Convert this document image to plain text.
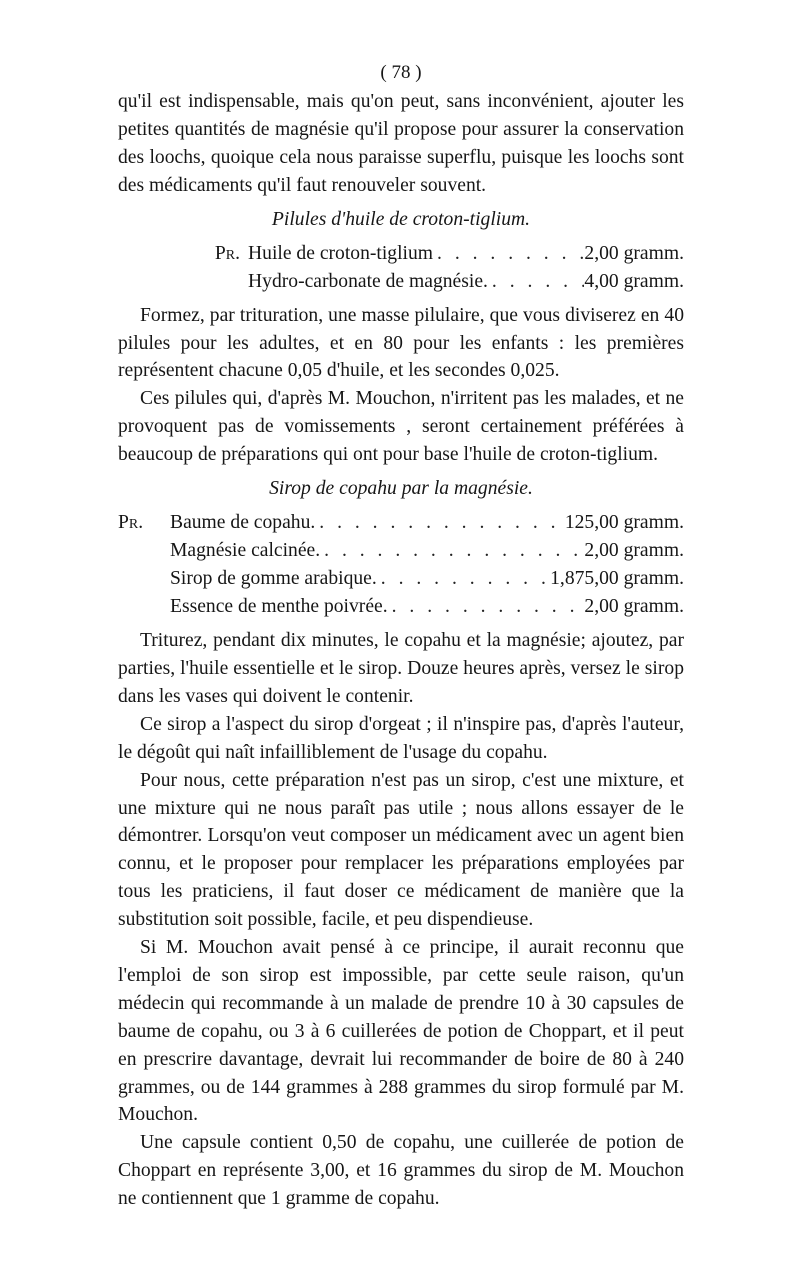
( 78 )

qu'il est indispensable, mais qu'on peut, sans inconvénient, ajouter les petites quantités de magnésie qu'il propose pour assurer la conservation des loochs, quoique cela nous paraisse superflu, puisque les loochs sont des médicaments qu'il faut renouveler souvent.

Pilules d'huile de croton-tiglium.
Pr. Huile de croton-tiglium . . .	2,00 gramm.
Hydro-carbonate de magnésie. . . .	4,00 gramm.

Formez, par trituration, une masse pilulaire, que vous diviserez en 40 pilules pour les adultes, et en 80 pour les enfants : les premières représentent chacune 0,05 d'huile, et les secondes 0,025.

Ces pilules qui, d'après M. Mouchon, n'irritent pas les malades, et ne provoquent pas de vomissements , seront certainement préférées à beaucoup de préparations qui ont pour base l'huile de croton-tiglium.

Sirop de copahu par la magnésie.
Pr.	Baume de copahu. . . .	125,00 gramm.
Magnésie calcinée. . . .	2,00 gramm.
Sirop de gomme arabique. . . .	1,875,00 gramm.
Essence de menthe poivrée. . . .	2,00 gramm.

Triturez, pendant dix minutes, le copahu et la magnésie; ajoutez, par parties, l'huile essentielle et le sirop. Douze heures après, versez le sirop dans les vases qui doivent le contenir.

Ce sirop a l'aspect du sirop d'orgeat ; il n'inspire pas, d'après l'auteur, le dégoût qui naît infailliblement de l'usage du copahu.

Pour nous, cette préparation n'est pas un sirop, c'est une mixture, et une mixture qui ne nous paraît pas utile ; nous allons essayer de le démontrer. Lorsqu'on veut composer un médicament avec un agent bien connu, et le proposer pour remplacer les préparations employées par tous les praticiens, il faut doser ce médicament de manière que la substitution soit possible, facile, et peu dispendieuse.

Si M. Mouchon avait pensé à ce principe, il aurait reconnu que l'emploi de son sirop est impossible, par cette seule raison, qu'un médecin qui recommande à un malade de prendre 10 à 30 capsules de baume de copahu, ou 3 à 6 cuillerées de potion de Choppart, et il peut en prescrire davantage, devrait lui recommander de boire de 80 à 240 grammes, ou de 144 grammes à 288 grammes du sirop formulé par M. Mouchon.

Une capsule contient 0,50 de copahu, une cuillerée de potion de Choppart en représente 3,00, et 16 grammes du sirop de M. Mouchon ne contiennent que 1 gramme de copahu.
